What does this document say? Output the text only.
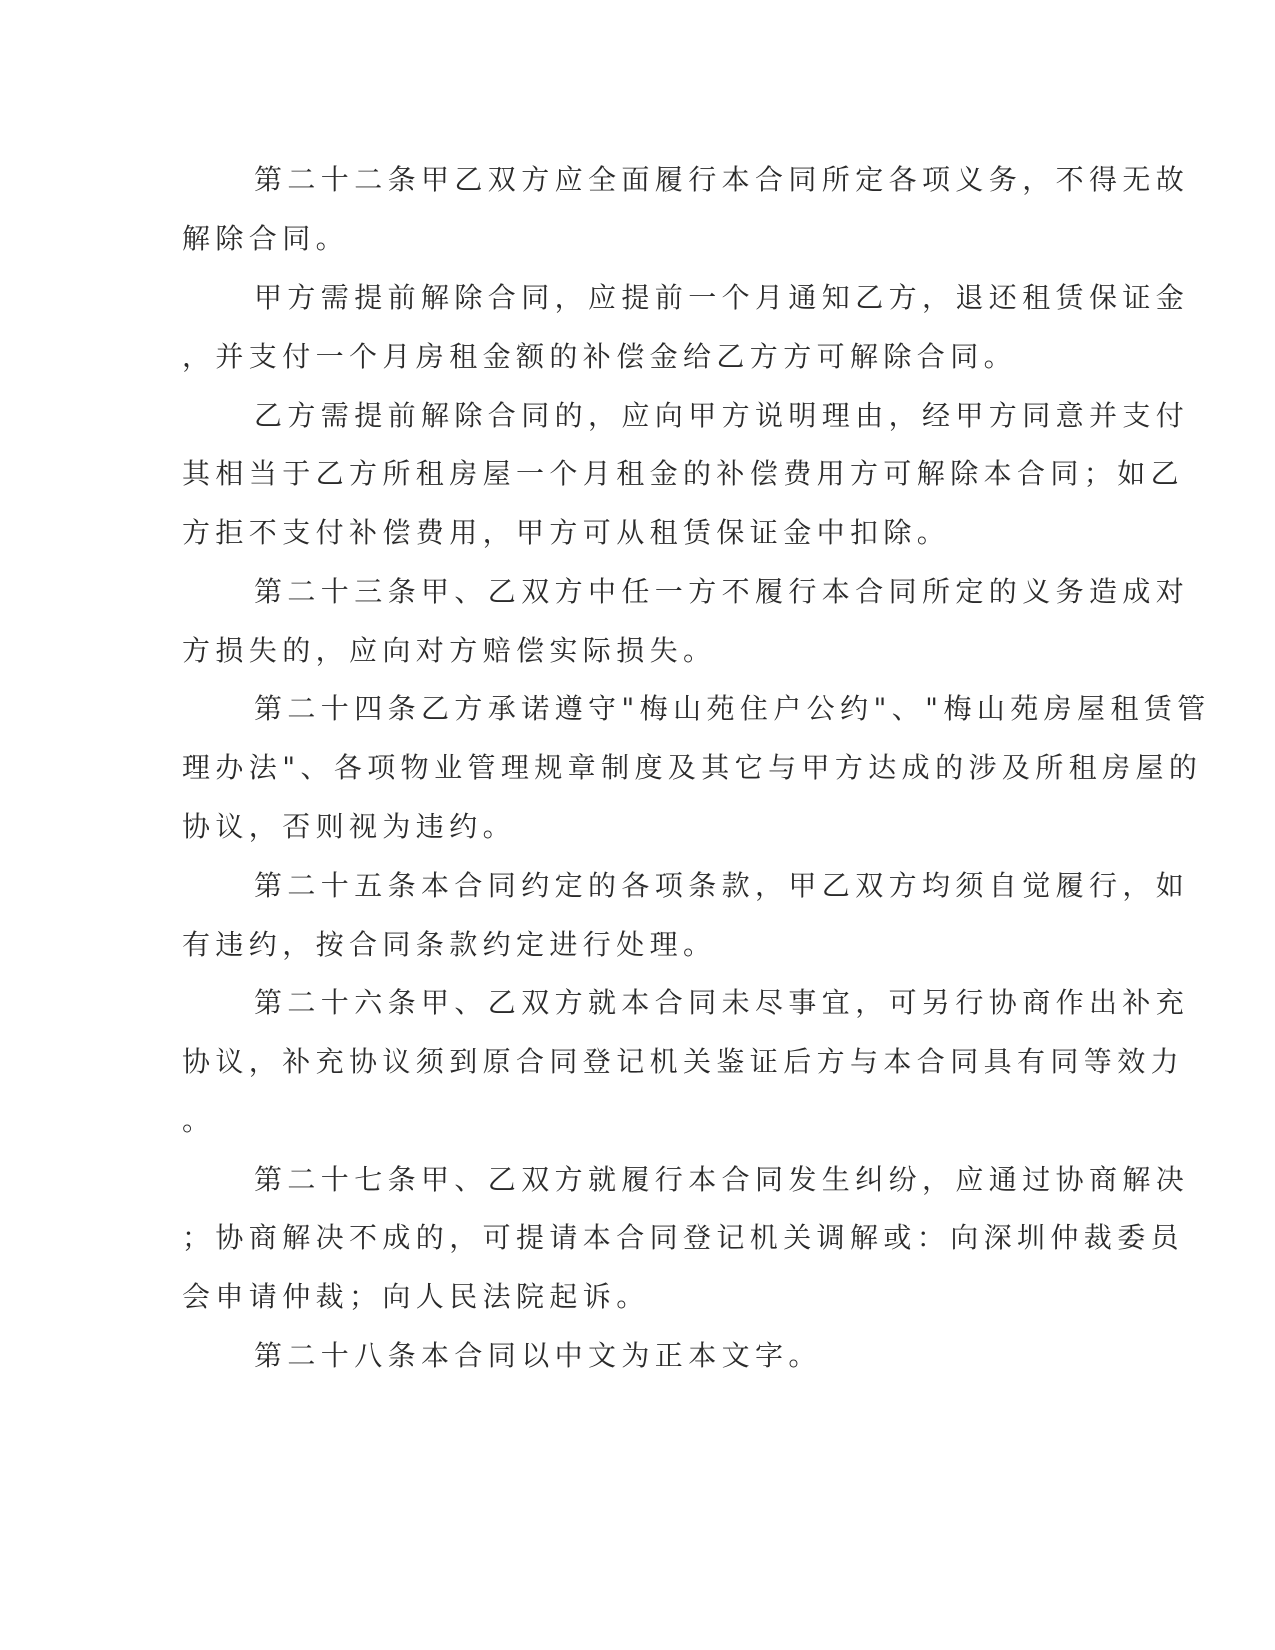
第二十二条甲乙双方应全面履行本合同所定各项义务，不得无故

解除合同。

甲方需提前解除合同，应提前一个月通知乙方，退还租赁保证金

，并支付一个月房租金额的补偿金给乙方方可解除合同。

乙方需提前解除合同的，应向甲方说明理由，经甲方同意并支付

其相当于乙方所租房屋一个月租金的补偿费用方可解除本合同；如乙

方拒不支付补偿费用，甲方可从租赁保证金中扣除。

第二十三条甲、乙双方中任一方不履行本合同所定的义务造成对

方损失的，应向对方赔偿实际损失。

第二十四条乙方承诺遵守"梅山苑住户公约"、"梅山苑房屋租赁管

理办法"、各项物业管理规章制度及其它与甲方达成的涉及所租房屋的

协议，否则视为违约。

第二十五条本合同约定的各项条款，甲乙双方均须自觉履行，如

有违约，按合同条款约定进行处理。

第二十六条甲、乙双方就本合同未尽事宜，可另行协商作出补充

协议，补充协议须到原合同登记机关鉴证后方与本合同具有同等效力

。

第二十七条甲、乙双方就履行本合同发生纠纷，应通过协商解决

；协商解决不成的，可提请本合同登记机关调解或：向深圳仲裁委员

会申请仲裁；向人民法院起诉。

第二十八条本合同以中文为正本文字。
